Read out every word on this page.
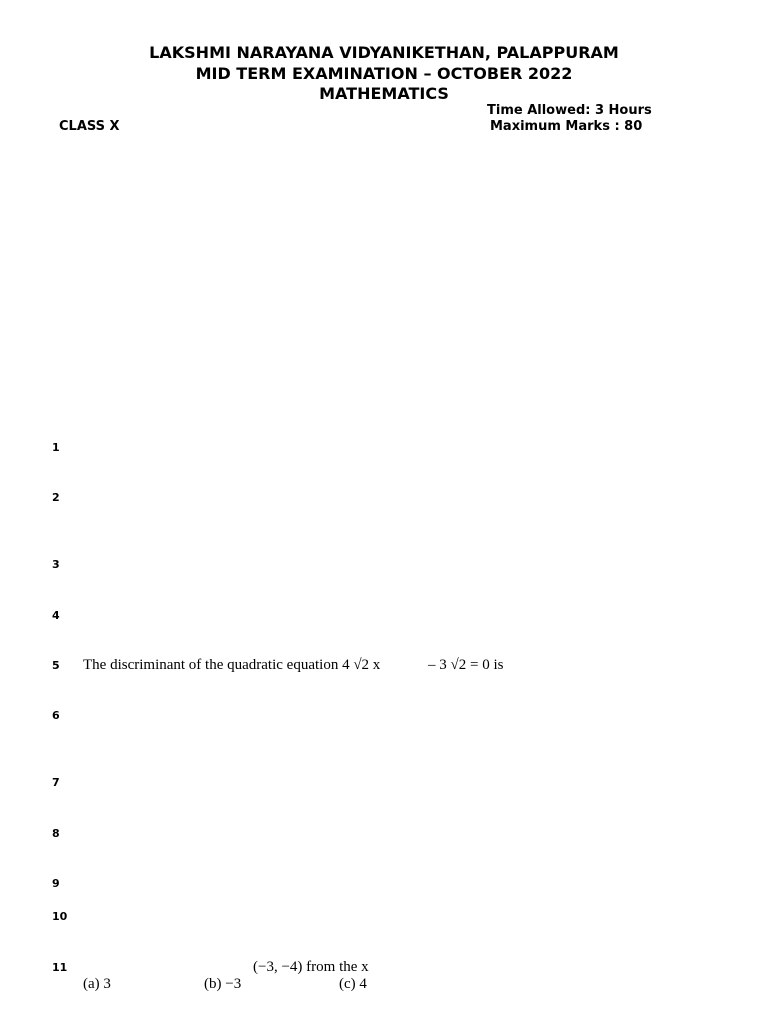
LAKSHMI NARAYANA VIDYANIKETHAN, PALAPPURAM
MID TERM EXAMINATION – OCTOBER 2022
MATHEMATICS
Time Allowed: 3 Hours
CLASS X	Maximum Marks : 80
1
2
3
4
5
6
7
8
9
10
11
The discriminant of the quadratic equation 4 √2 x	– 3 √2 = 0 is
(−3, −4) from the x
(a) 3	(b) −3	(c) 4
